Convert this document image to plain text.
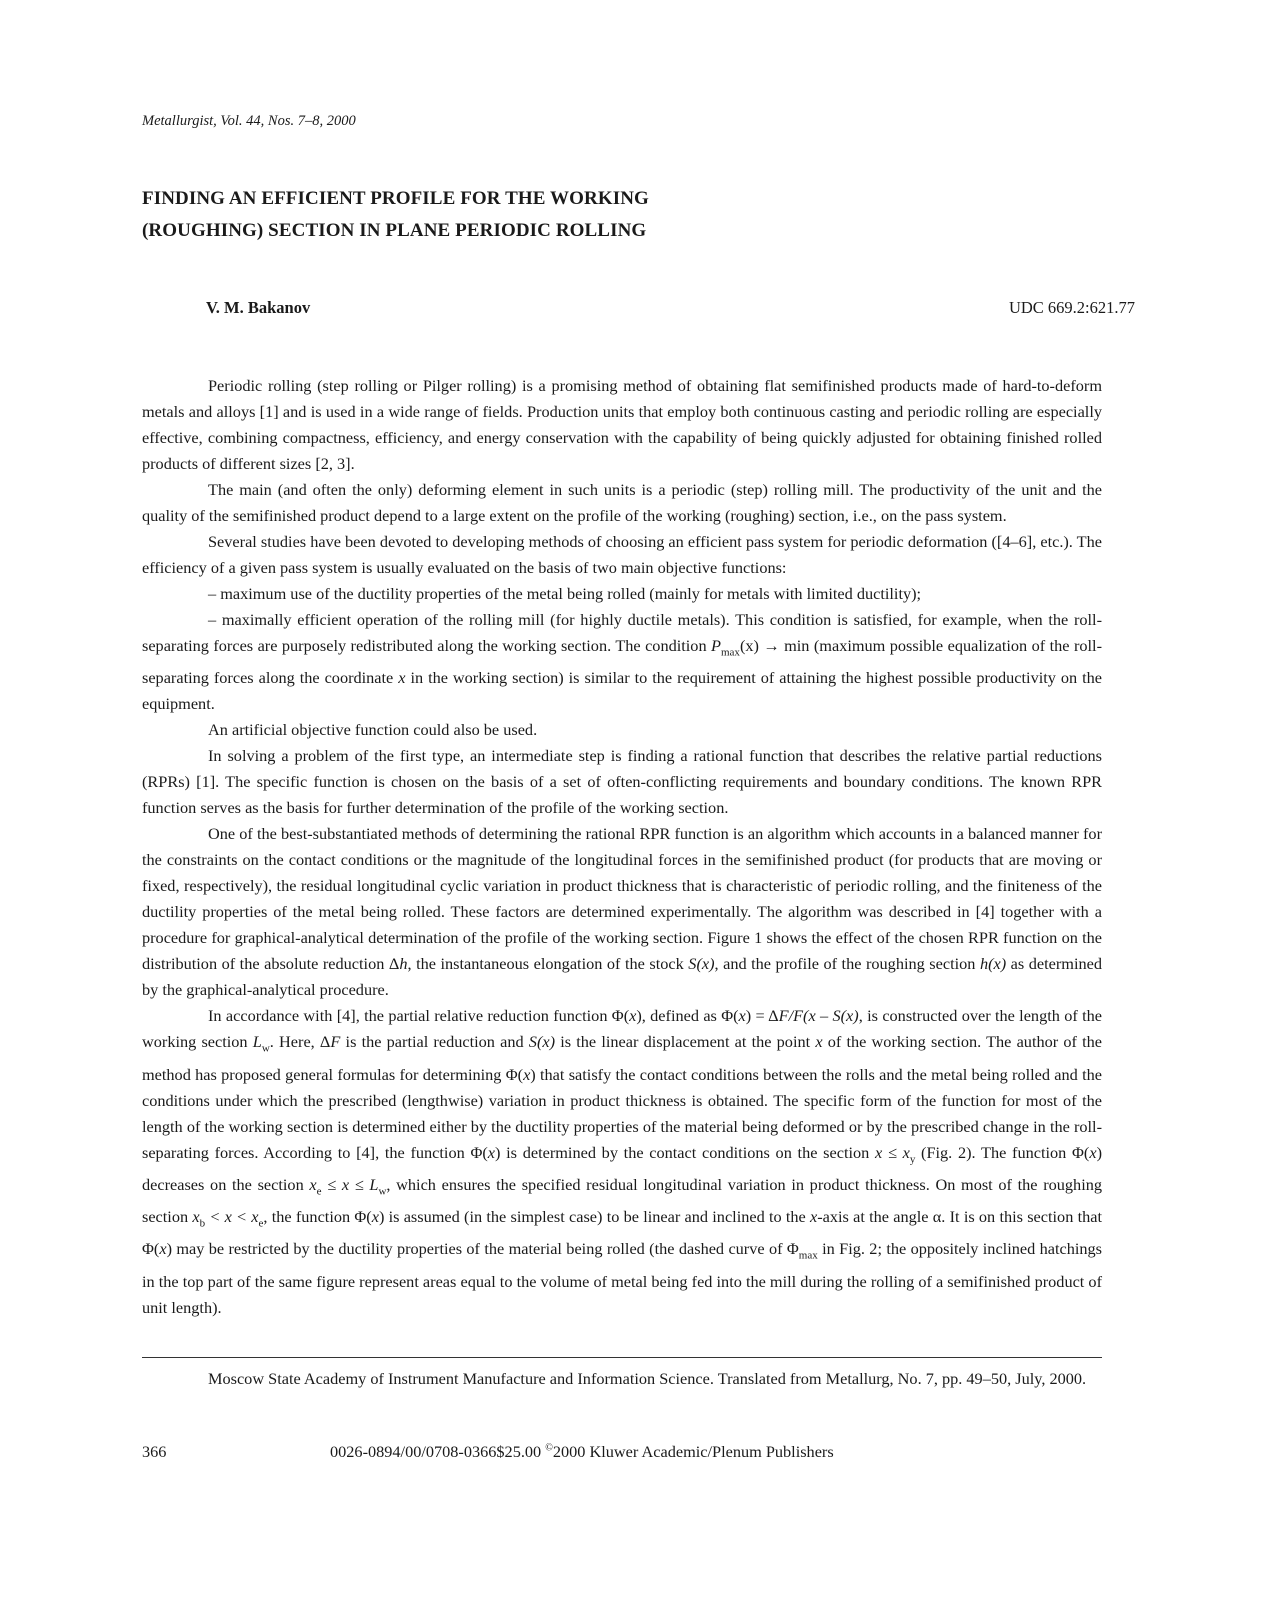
Metallurgist, Vol. 44, Nos. 7–8, 2000
FINDING AN EFFICIENT PROFILE FOR THE WORKING
(ROUGHING) SECTION IN PLANE PERIODIC ROLLING
V. M. Bakanov	UDC 669.2:621.77

Periodic rolling (step rolling or Pilger rolling) is a promising method of obtaining flat semifinished products made of hard-to-deform metals and alloys [1] and is used in a wide range of fields. Production units that employ both continuous casting and periodic rolling are especially effective, combining compactness, efficiency, and energy conservation with the capability of being quickly adjusted for obtaining finished rolled products of different sizes [2, 3].

The main (and often the only) deforming element in such units is a periodic (step) rolling mill. The productivity of the unit and the quality of the semifinished product depend to a large extent on the profile of the working (roughing) section, i.e., on the pass system.

Several studies have been devoted to developing methods of choosing an efficient pass system for periodic deformation ([4–6], etc.). The efficiency of a given pass system is usually evaluated on the basis of two main objective functions:

– maximum use of the ductility properties of the metal being rolled (mainly for metals with limited ductility);

– maximally efficient operation of the rolling mill (for highly ductile metals). This condition is satisfied, for example, when the roll-separating forces are purposely redistributed along the working section. The condition $P_{max}(x) \to \min$ (maximum possible equalization of the roll-separating forces along the coordinate x in the working section) is similar to the requirement of attaining the highest possible productivity on the equipment.

An artificial objective function could also be used.

In solving a problem of the first type, an intermediate step is finding a rational function that describes the relative partial reductions (RPRs) [1]. The specific function is chosen on the basis of a set of often-conflicting requirements and boundary conditions. The known RPR function serves as the basis for further determination of the profile of the working section.

One of the best-substantiated methods of determining the rational RPR function is an algorithm which accounts in a balanced manner for the constraints on the contact conditions or the magnitude of the longitudinal forces in the semifinished product (for products that are moving or fixed, respectively), the residual longitudinal cyclic variation in product thickness that is characteristic of periodic rolling, and the finiteness of the ductility properties of the metal being rolled. These factors are determined experimentally. The algorithm was described in [4] together with a procedure for graphical-analytical determination of the profile of the working section. Figure 1 shows the effect of the chosen RPR function on the distribution of the absolute reduction Δh, the instantaneous elongation of the stock S(x), and the profile of the roughing section h(x) as determined by the graphical-analytical procedure.

In accordance with [4], the partial relative reduction function Φ(x), defined as Φ(x) = ΔF/F(x – S(x), is constructed over the length of the working section $L_w$. Here, ΔF is the partial reduction and S(x) is the linear displacement at the point x of the working section. The author of the method has proposed general formulas for determining Φ(x) that satisfy the contact conditions between the rolls and the metal being rolled and the conditions under which the prescribed (lengthwise) variation in product thickness is obtained. The specific form of the function for most of the length of the working section is determined either by the ductility properties of the material being deformed or by the prescribed change in the roll-separating forces. According to [4], the function Φ(x) is determined by the contact conditions on the section $x \le x_y$ (Fig. 2). The function Φ(x) decreases on the section $x_e \le x \le L_w$, which ensures the specified residual longitudinal variation in product thickness. On most of the roughing section $x_b < x < x_e$, the function Φ(x) is assumed (in the simplest case) to be linear and inclined to the x-axis at the angle α. It is on this section that Φ(x) may be restricted by the ductility properties of the material being rolled (the dashed curve of $\Phi_{max}$ in Fig. 2; the oppositely inclined hatchings in the top part of the same figure represent areas equal to the volume of metal being fed into the mill during the rolling of a semifinished product of unit length).

Moscow State Academy of Instrument Manufacture and Information Science. Translated from Metallurg, No. 7, pp. 49–50, July, 2000.

366	0026-0894/00/0708-0366$25.00 ©2000 Kluwer Academic/Plenum Publishers
